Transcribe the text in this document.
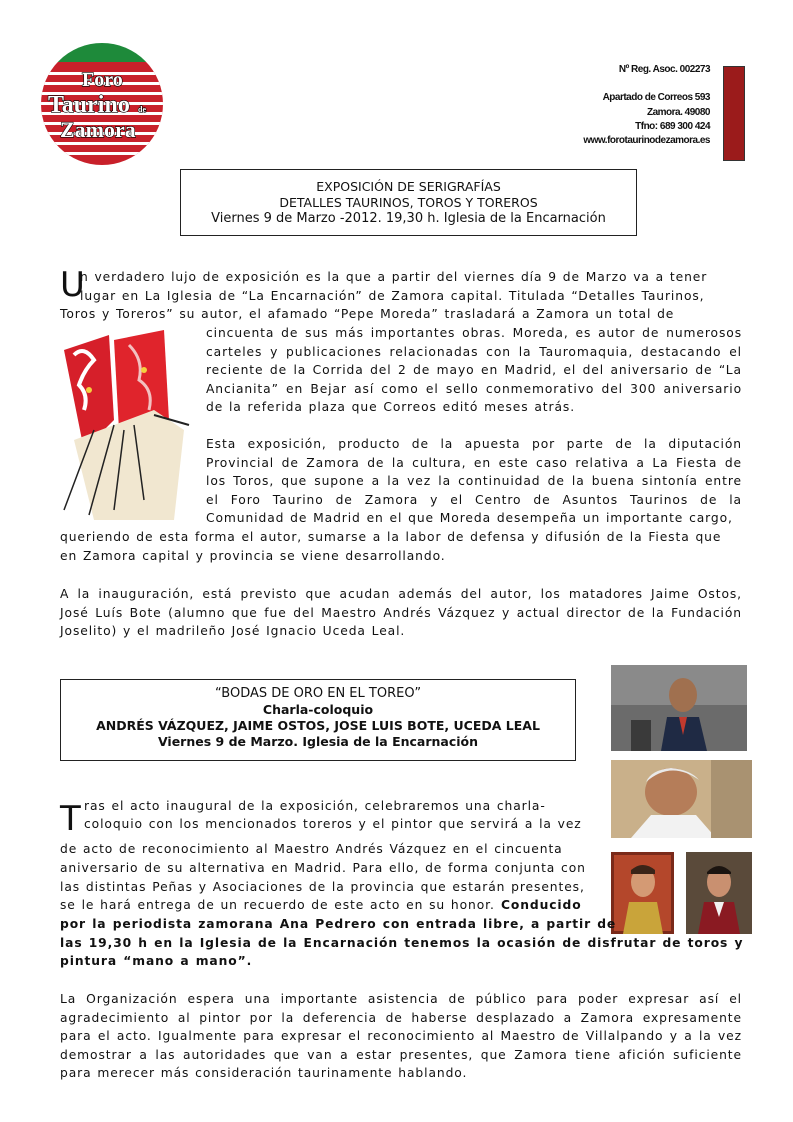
Foro
Taurino de
Zamora
Nº Reg. Asoc. 002273
Apartado de Correos 593
Zamora. 49080
Tfno: 689 300 424
www.forotaurinodezamora.es
EXPOSICIÓN DE SERIGRAFÍAS
DETALLES TAURINOS, TOROS Y TOREROS
Viernes 9 de Marzo -2012. 19,30 h. Iglesia de la Encarnación
U
n verdadero lujo de exposición es la que a partir del viernes día 9 de Marzo va a tener
lugar en La Iglesia de “La Encarnación” de Zamora capital. Titulada “Detalles Taurinos,
Toros y Toreros” su autor, el afamado “Pepe Moreda” trasladará a Zamora un total de
cincuenta de sus más importantes obras. Moreda, es autor de numerosos carteles y publicaciones relacionadas con la Tauromaquia, destacando el reciente de la Corrida del 2 de mayo en Madrid, el del aniversario de “La Ancianita” en Bejar así como el sello conmemorativo del 300 aniversario de la referida plaza que Correos editó meses atrás.
Esta exposición, producto de la apuesta por parte de la diputación Provincial de Zamora de la cultura, en este caso relativa a La Fiesta de los Toros, que supone a la vez la continuidad de la buena sintonía entre el Foro Taurino de Zamora y el Centro de Asuntos Taurinos de la Comunidad de Madrid en el que Moreda desempeña un importante cargo,
queriendo de esta forma el autor, sumarse a la labor de defensa y difusión de la Fiesta que
en Zamora capital y provincia se viene desarrollando.
A la inauguración, está previsto que acudan además del autor, los matadores Jaime Ostos, José Luís Bote (alumno que fue del Maestro Andrés Vázquez y actual director de la Fundación Joselito) y el madrileño José Ignacio Uceda Leal.
“BODAS DE ORO EN EL TOREO”
Charla-coloquio
ANDRÉS VÁZQUEZ, JAIME OSTOS, JOSE LUIS BOTE, UCEDA LEAL
Viernes 9 de Marzo. Iglesia de la Encarnación
T ras el acto inaugural de la exposición, celebraremos una charla-
coloquio con los mencionados toreros y el pintor que servirá a la vez
de acto de reconocimiento al Maestro Andrés Vázquez en el cincuenta
aniversario de su alternativa en Madrid. Para ello, de forma conjunta con
las distintas Peñas y Asociaciones de la provincia que estarán presentes,
se le hará entrega de un recuerdo de este acto en su honor. Conducido
por la periodista zamorana Ana Pedrero con entrada libre, a partir de
las 19,30 h en la Iglesia de la Encarnación tenemos la ocasión de disfrutar de toros y
pintura “mano a mano”.
La Organización espera una importante asistencia de público para poder expresar así el agradecimiento al pintor por la deferencia de haberse desplazado a Zamora expresamente para el acto. Igualmente para expresar el reconocimiento al Maestro de Villalpando y a la vez demostrar a las autoridades que van a estar presentes, que Zamora tiene afición suficiente para merecer más consideración taurinamente hablando.
